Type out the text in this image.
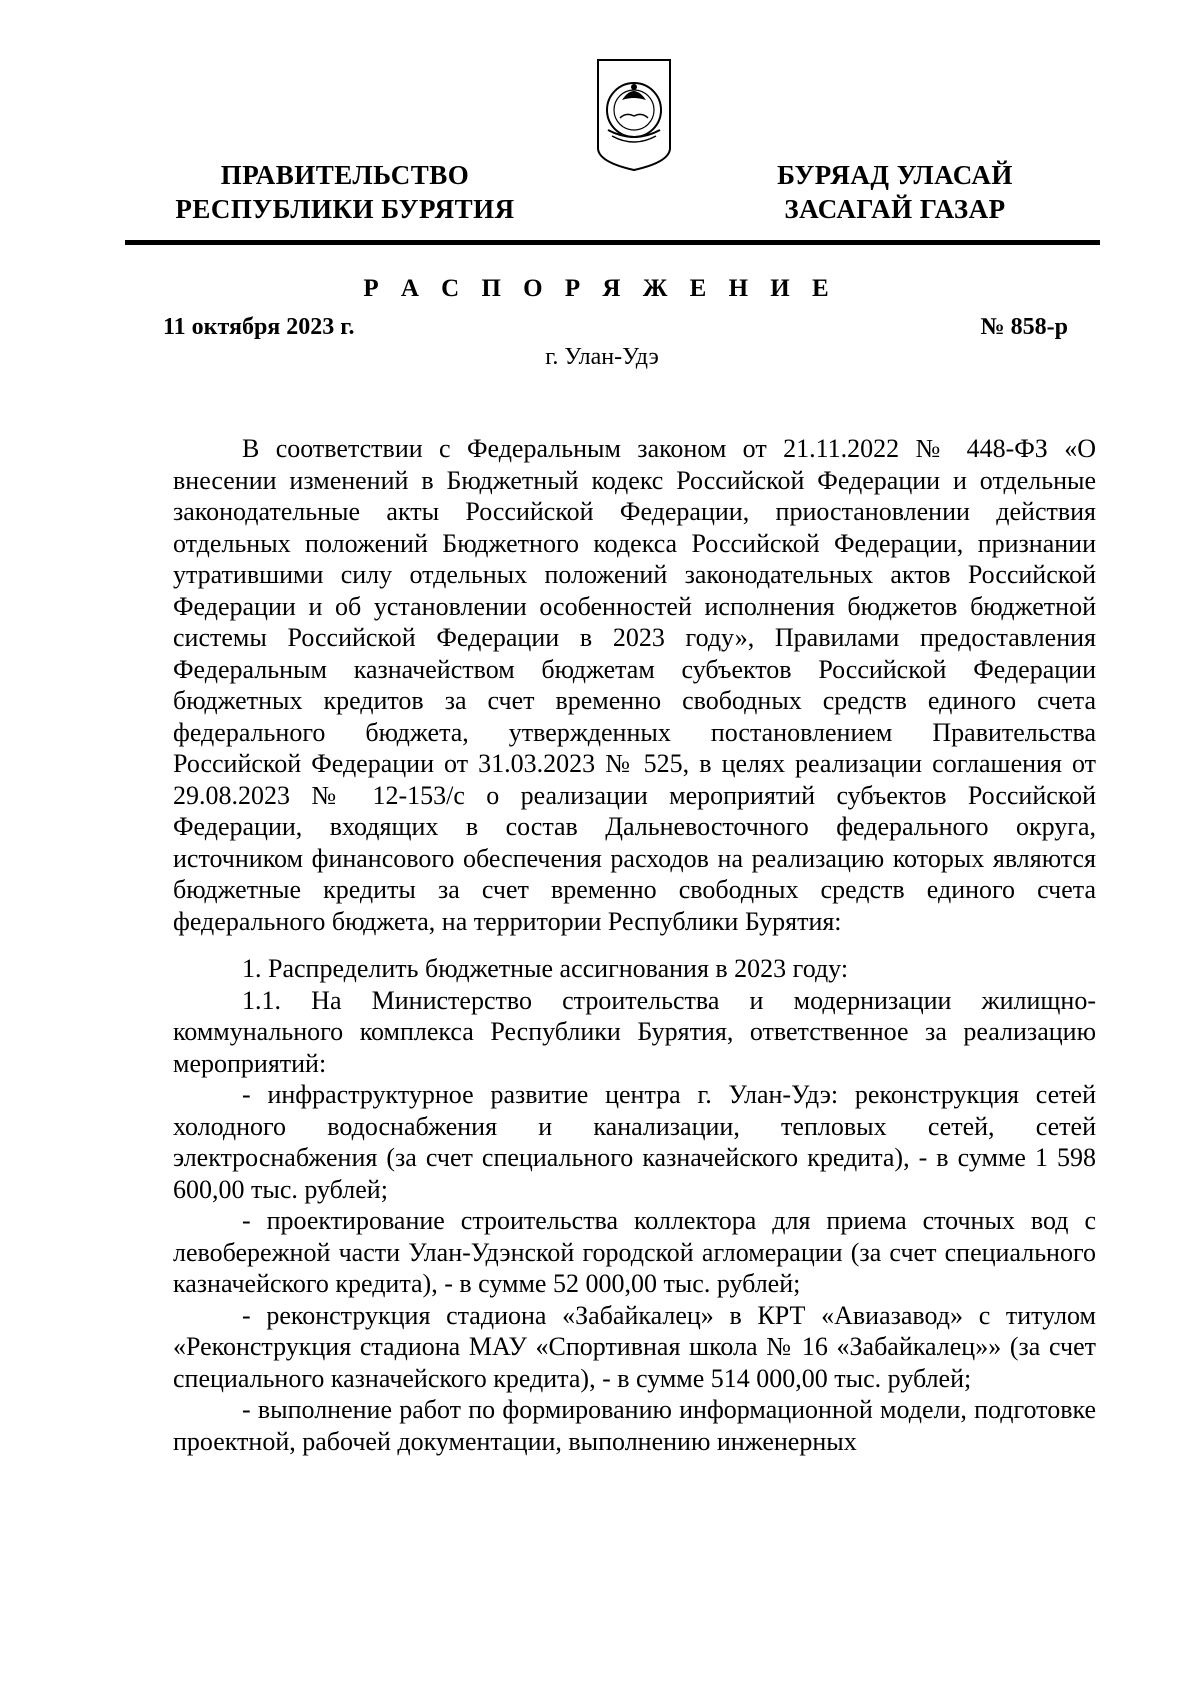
ПРАВИТЕЛЬСТВО
РЕСПУБЛИКИ БУРЯТИЯ
БУРЯАД УЛАСАЙ
ЗАСАГАЙ ГАЗАР
Р А С П О Р Я Ж Е Н И Е
11 октября 2023 г.	№ 858-р
г. Улан-Удэ

В соответствии с Федеральным законом от 21.11.2022 № 448-ФЗ «О внесении изменений в Бюджетный кодекс Российской Федерации и отдельные законодательные акты Российской Федерации, приостановлении действия отдельных положений Бюджетного кодекса Российской Федерации, признании утратившими силу отдельных положений законодательных актов Российской Федерации и об установлении особенностей исполнения бюджетов бюджетной системы Российской Федерации в 2023 году», Правилами предоставления Федеральным казначейством бюджетам субъектов Российской Федерации бюджетных кредитов за счет временно свободных средств единого счета федерального бюджета, утвержденных постановлением Правительства Российской Федерации от 31.03.2023 № 525, в целях реализации соглашения от 29.08.2023 № 12-153/с о реализации мероприятий субъектов Российской Федерации, входящих в состав Дальневосточного федерального округа, источником финансового обеспечения расходов на реализацию которых являются бюджетные кредиты за счет временно свободных средств единого счета федерального бюджета, на территории Республики Бурятия:

1. Распределить бюджетные ассигнования в 2023 году:

1.1. На Министерство строительства и модернизации жилищно-коммунального комплекса Республики Бурятия, ответственное за реализацию мероприятий:

- инфраструктурное развитие центра г. Улан-Удэ: реконструкция сетей холодного водоснабжения и канализации, тепловых сетей, сетей электроснабжения (за счет специального казначейского кредита), - в сумме 1 598 600,00 тыс. рублей;

- проектирование строительства коллектора для приема сточных вод с левобережной части Улан-Удэнской городской агломерации (за счет специального казначейского кредита), - в сумме 52 000,00 тыс. рублей;

- реконструкция стадиона «Забайкалец» в КРТ «Авиазавод» с титулом «Реконструкция стадиона МАУ «Спортивная школа № 16 «Забайкалец»» (за счет специального казначейского кредита), - в сумме 514 000,00 тыс. рублей;

- выполнение работ по формированию информационной модели, подготовке проектной, рабочей документации, выполнению инженерных
